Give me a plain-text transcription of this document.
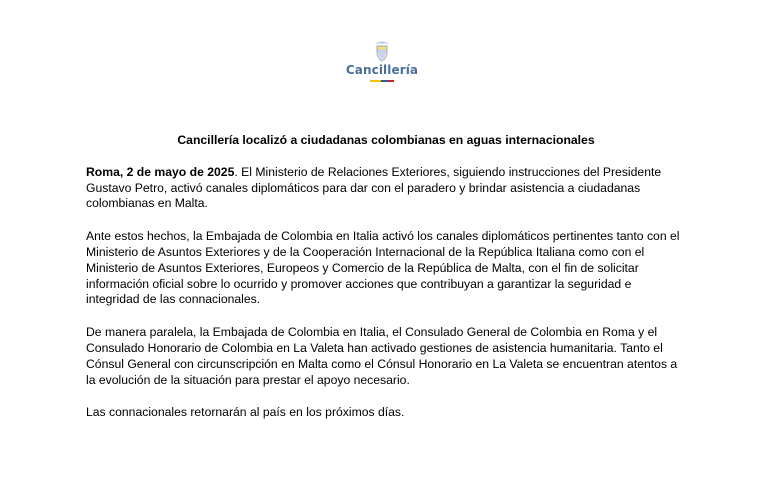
Cancillería
Cancillería localizó a ciudadanas colombianas en aguas internacionales

Roma, 2 de mayo de 2025. El Ministerio de Relaciones Exteriores, siguiendo instrucciones del Presidente Gustavo Petro, activó canales diplomáticos para dar con el paradero y brindar asistencia a ciudadanas colombianas en Malta.

Ante estos hechos, la Embajada de Colombia en Italia activó los canales diplomáticos pertinentes tanto con el Ministerio de Asuntos Exteriores y de la Cooperación Internacional de la República Italiana como con el Ministerio de Asuntos Exteriores, Europeos y Comercio de la República de Malta, con el fin de solicitar información oficial sobre lo ocurrido y promover acciones que contribuyan a garantizar la seguridad e integridad de las connacionales.

De manera paralela, la Embajada de Colombia en Italia, el Consulado General de Colombia en Roma y el Consulado Honorario de Colombia en La Valeta han activado gestiones de asistencia humanitaria. Tanto el Cónsul General con circunscripción en Malta como el Cónsul Honorario en La Valeta se encuentran atentos a la evolución de la situación para prestar el apoyo necesario.

Las connacionales retornarán al país en los próximos días.
